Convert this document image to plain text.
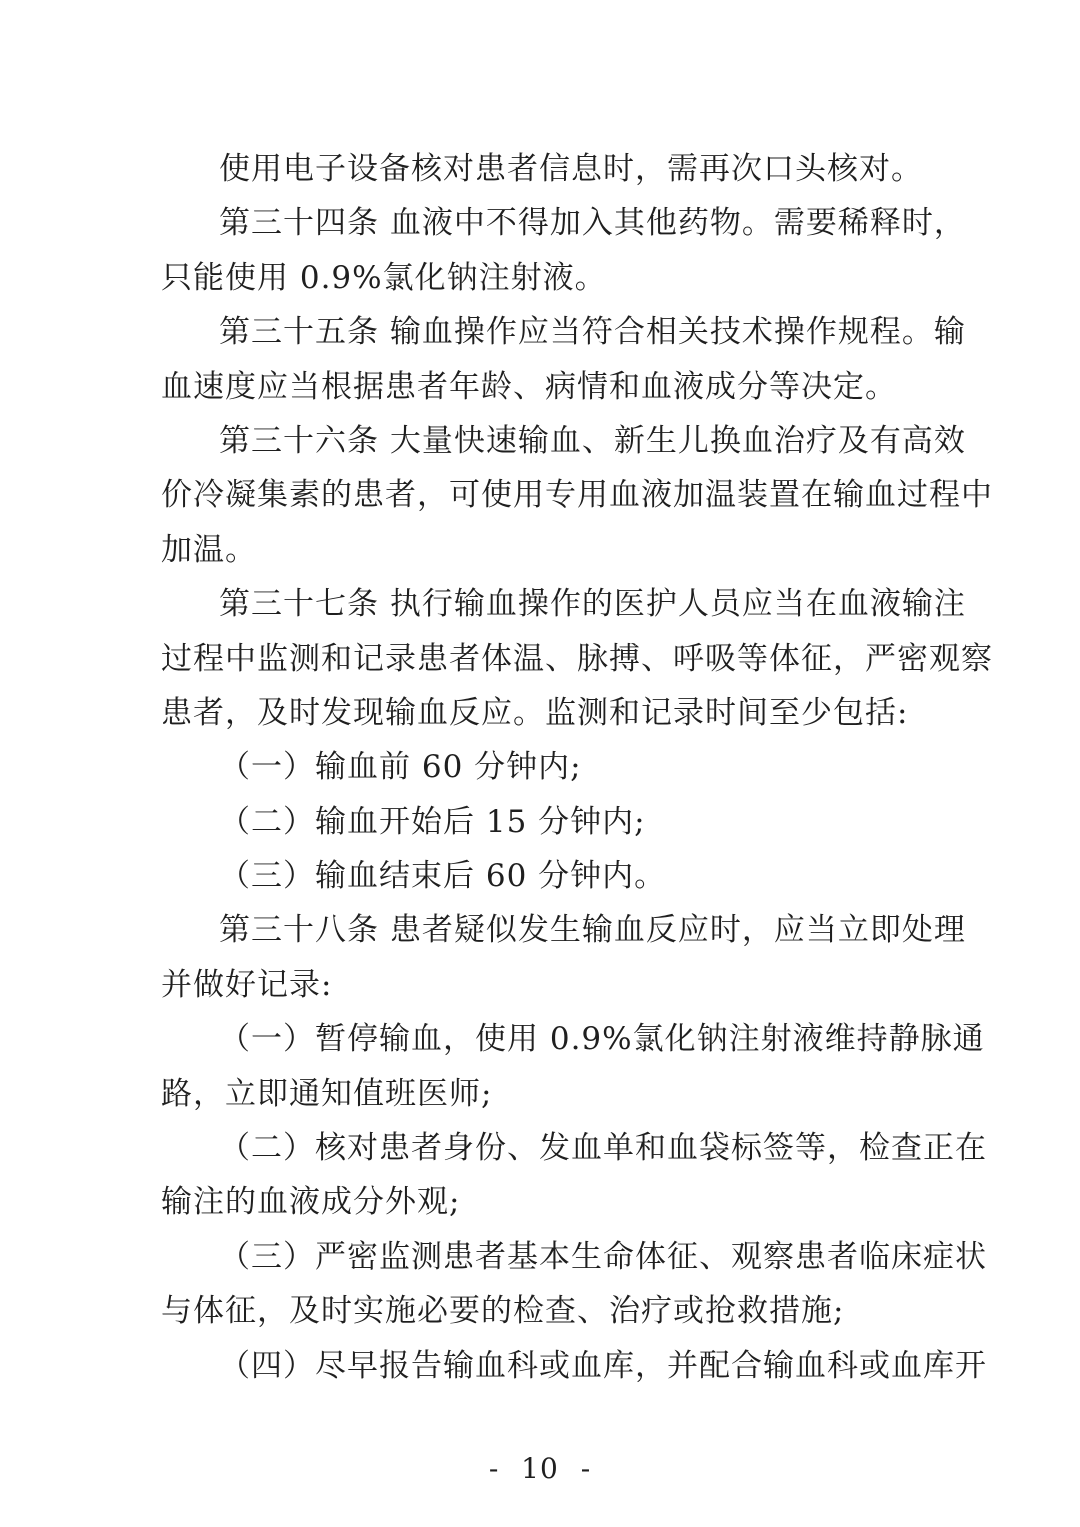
使用电子设备核对患者信息时，需再次口头核对。
第三十四条 血液中不得加入其他药物。需要稀释时，
只能使用 0.9%氯化钠注射液。
第三十五条 输血操作应当符合相关技术操作规程。输
血速度应当根据患者年龄、病情和血液成分等决定。
第三十六条 大量快速输血、新生儿换血治疗及有高效
价冷凝集素的患者，可使用专用血液加温装置在输血过程中
加温。
第三十七条 执行输血操作的医护人员应当在血液输注
过程中监测和记录患者体温、脉搏、呼吸等体征，严密观察
患者，及时发现输血反应。监测和记录时间至少包括:
（一）输血前 60 分钟内;
（二）输血开始后 15 分钟内;
（三）输血结束后 60 分钟内。
第三十八条 患者疑似发生输血反应时，应当立即处理
并做好记录:
（一）暂停输血，使用 0.9%氯化钠注射液维持静脉通
路，立即通知值班医师;
（二）核对患者身份、发血单和血袋标签等，检查正在
输注的血液成分外观;
（三）严密监测患者基本生命体征、观察患者临床症状
与体征，及时实施必要的检查、治疗或抢救措施;
（四）尽早报告输血科或血库，并配合输血科或血库开
- 10 -
